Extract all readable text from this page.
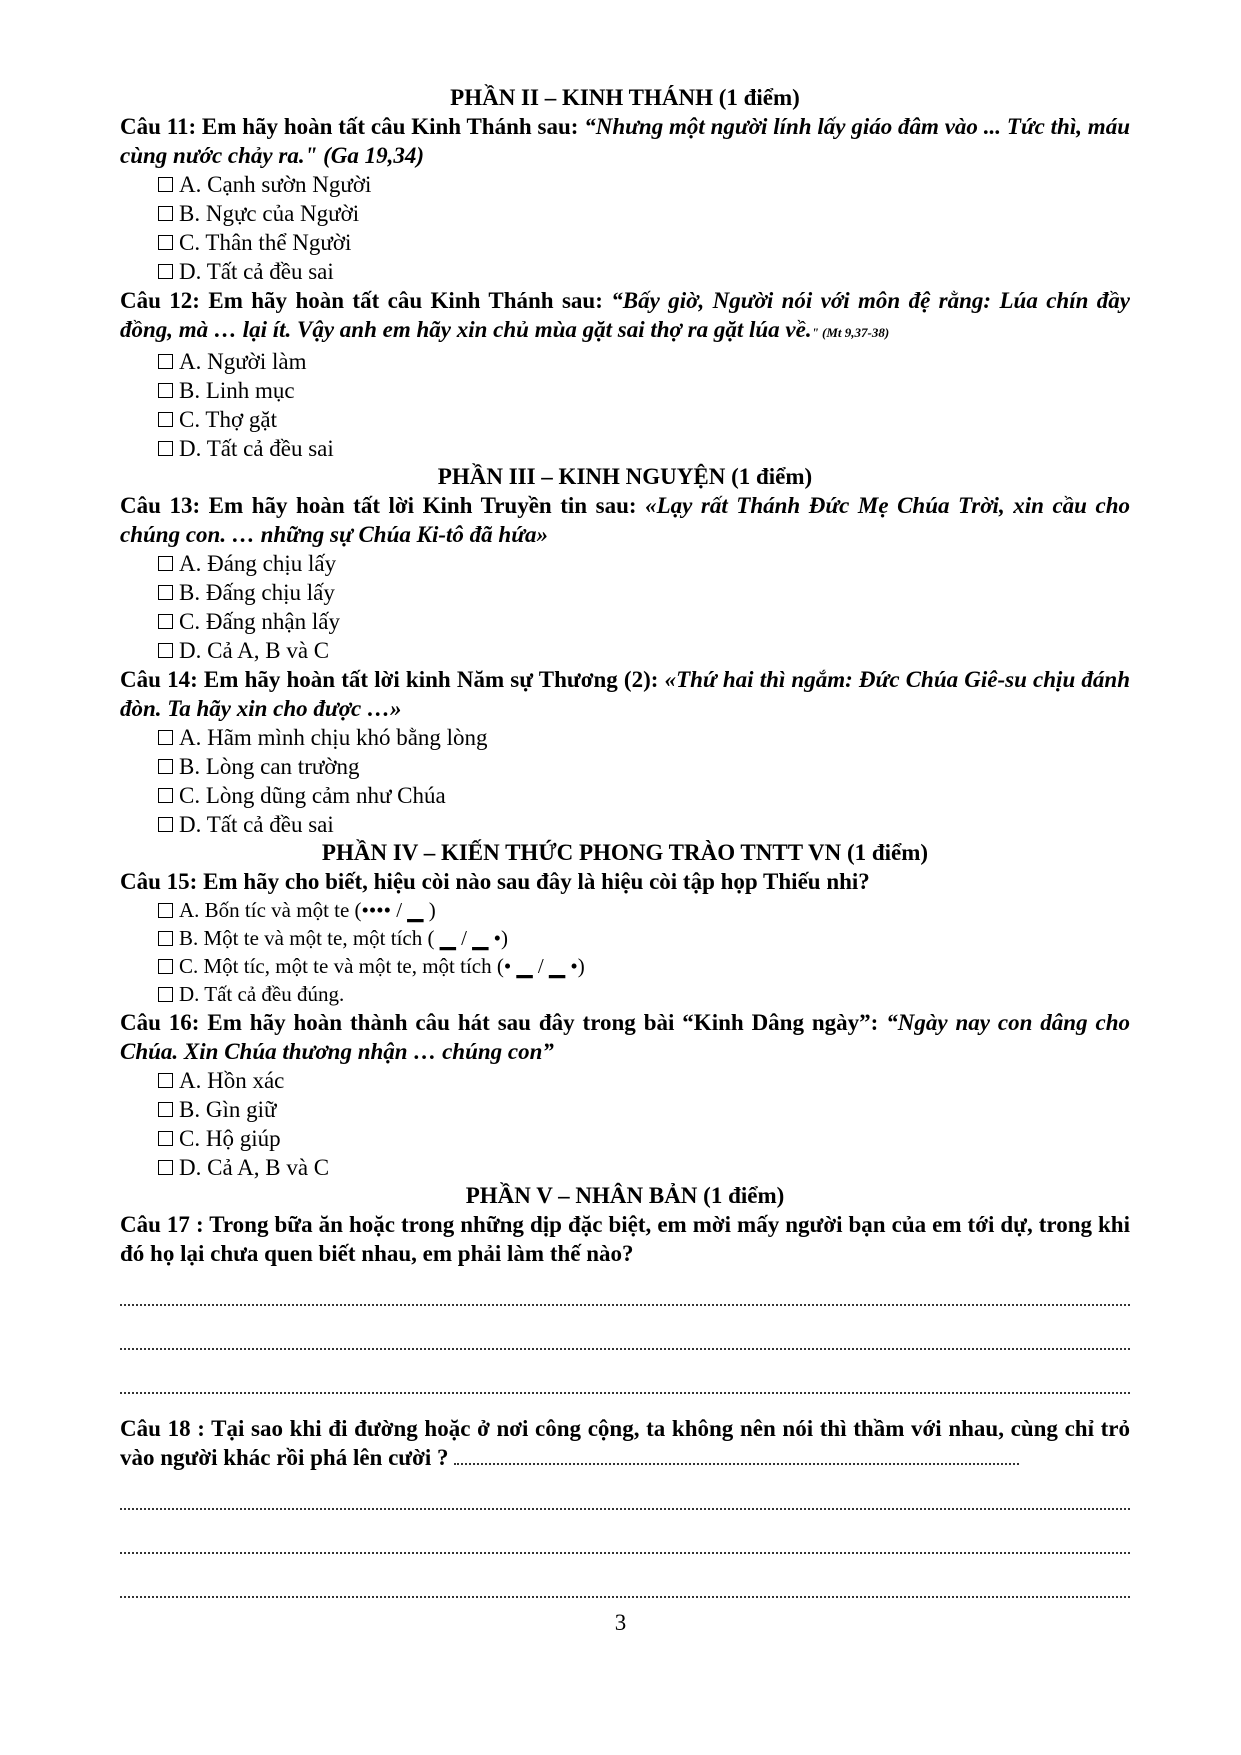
PHẦN II – KINH THÁNH (1 điểm)

Câu 11: Em hãy hoàn tất câu Kinh Thánh sau: “Nhưng một người lính lấy giáo đâm vào ... Tức thì, máu cùng nước chảy ra." (Ga 19,34)

A. Cạnh sườn Người
B. Ngực của Người
C. Thân thể Người
D. Tất cả đều sai

Câu 12: Em hãy hoàn tất câu Kinh Thánh sau: “Bấy giờ, Người nói với môn đệ rằng: Lúa chín đầy đồng, mà … lại ít. Vậy anh em hãy xin chủ mùa gặt sai thợ ra gặt lúa về." (Mt 9,37-38)

A. Người làm
B. Linh mục
C. Thợ gặt
D. Tất cả đều sai

PHẦN III – KINH NGUYỆN (1 điểm)

Câu 13: Em hãy hoàn tất lời Kinh Truyền tin sau: «Lạy rất Thánh Đức Mẹ Chúa Trời, xin cầu cho chúng con. … những sự Chúa Ki-tô đã hứa»

A. Đáng chịu lấy
B. Đấng chịu lấy
C. Đấng nhận lấy
D. Cả A, B và C

Câu 14: Em hãy hoàn tất lời kinh Năm sự Thương (2): «Thứ hai thì ngắm: Đức Chúa Giê-su chịu đánh đòn. Ta hãy xin cho được …»

A. Hãm mình chịu khó bằng lòng
B. Lòng can trường
C. Lòng dũng cảm như Chúa
D. Tất cả đều sai

PHẦN IV – KIẾN THỨC PHONG TRÀO TNTT VN (1 điểm)

Câu 15: Em hãy cho biết, hiệu còi nào sau đây là hiệu còi tập họp Thiếu nhi?

A. Bốn tíc và một te (•••• / ▁ )
B. Một te và một te, một tích ( ▁ / ▁ •)
C. Một tíc, một te và một te, một tích (• ▁ / ▁ •)
D. Tất cả đều đúng.

Câu 16: Em hãy hoàn thành câu hát sau đây trong bài “Kinh Dâng ngày”: “Ngày nay con dâng cho Chúa. Xin Chúa thương nhận … chúng con”

A. Hồn xác
B. Gìn giữ
C. Hộ giúp
D. Cả A, B và C

PHẦN V – NHÂN BẢN (1 điểm)

Câu 17 : Trong bữa ăn hoặc trong những dịp đặc biệt, em mời mấy người bạn của em tới dự, trong khi đó họ lại chưa quen biết nhau, em phải làm thế nào?

Câu 18 : Tại sao khi đi đường hoặc ở nơi công cộng, ta không nên nói thì thầm với nhau, cùng chỉ trỏ vào người khác rồi phá lên cười ?

3
